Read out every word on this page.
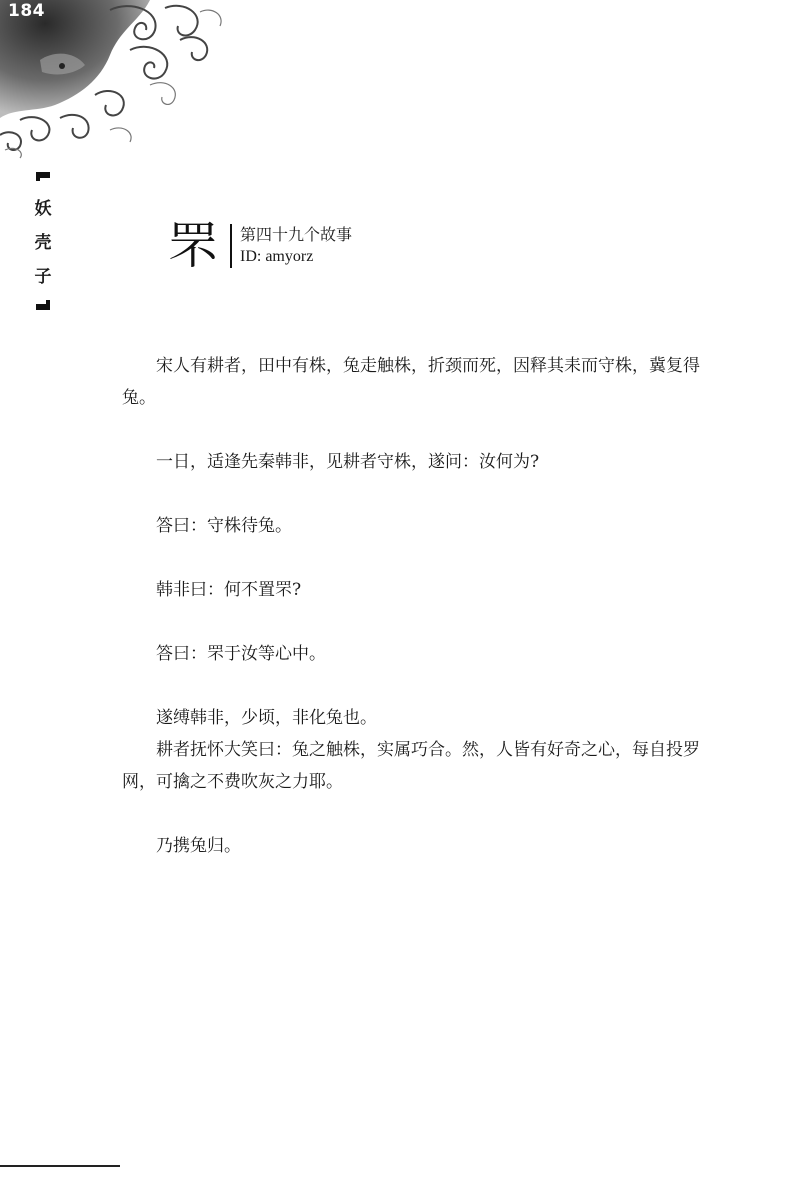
184
妖
壳
子
罘 第四十九个故事
ID: amyorz

宋人有耕者，田中有株，兔走触株，折颈而死，因释其耒而守株，冀复得兔。

一日，适逢先秦韩非，见耕者守株，遂问：汝何为?

答曰：守株待兔。

韩非曰：何不置罘?

答曰：罘于汝等心中。

遂缚韩非，少顷，非化兔也。

耕者抚怀大笑曰：兔之触株，实属巧合。然，人皆有好奇之心，每自投罗网，可擒之不费吹灰之力耶。

乃携兔归。
